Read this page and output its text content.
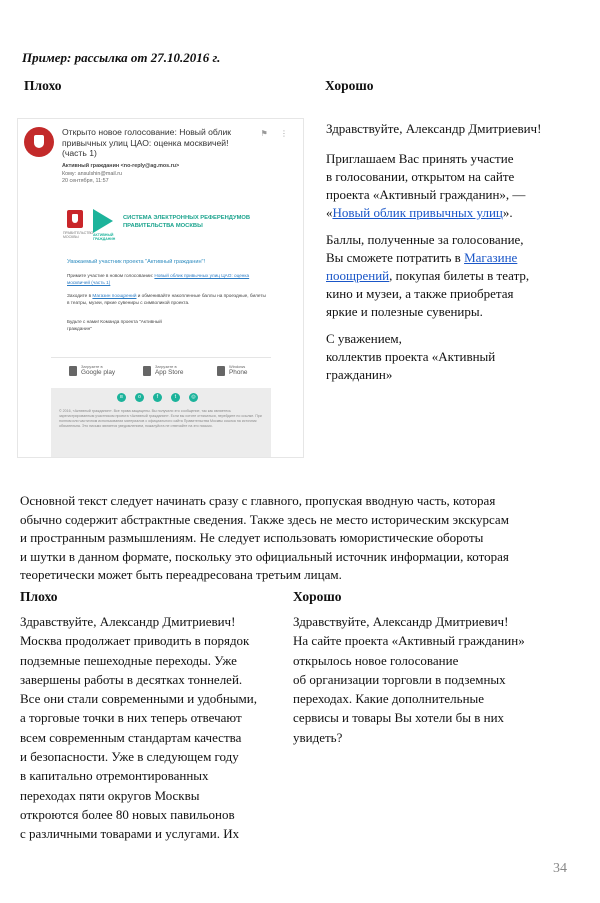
Пример: рассылка от 27.10.2016 г.
Плохо	Хорошо
Открыто новое голосование: Новый облик привычных улиц ЦАО: оценка москвичей! (часть 1)
⚑ ⋮
Активный гражданин <no-reply@ag.mos.ru>
Кому: ansulshin@mail.ru
20 сентября, 11:57
ПРАВИТЕЛЬСТВО МОСКВЫ	АКТИВНЫЙ ГРАЖДАНИН
СИСТЕМА ЭЛЕКТРОННЫХ РЕФЕРЕНДУМОВ ПРАВИТЕЛЬСТВА МОСКВЫ
Уважаемый участник проекта "Активный гражданин"!
Примите участие в новом голосовании: Новый облик привычных улиц ЦАО: оценка москвичей (часть 1)
Заходите в Магазин поощрений и обменивайте накопленные баллы на проездные, билеты в театры, музеи, яркие сувениры с символикой проекта.
Будьте с нами! Команда проекта "Активный гражданин"
Загрузите в
Google play
Загрузите в
App Store
Windows
Phone
в	о	f	t	◎
© 2016, «Активный гражданин». Все права защищены. Вы получили это сообщение, так как являетесь зарегистрированным участником проекта «Активный гражданин». Если вы хотите отписаться, перейдите по ссылке. При полном или частичном использовании материалов с официального сайта Правительства Москвы ссылка на источник обязательна. Это письмо является уведомлением, пожалуйста не отвечайте на это письмо.

Здравствуйте, Александр Дмитриевич!

Приглашаем Вас принять участие
в голосовании, открытом на сайте
проекта «Активный гражданин», —
«Новый облик привычных улиц».

Баллы, полученные за голосование,
Вы сможете потратить в Магазине
поощрений, покупая билеты в театр,
кино и музеи, а также приобретая
яркие и полезные сувениры.

С уважением,
коллектив проекта «Активный
гражданин»

Основной текст следует начинать сразу с главного, пропуская вводную часть, которая
обычно содержит абстрактные сведения. Также здесь не место историческим экскурсам
и пространным размышлениям. Не следует использовать юмористические обороты
и шутки в данном формате, поскольку это официальный источник информации, которая
теоретически может быть переадресована третьим лицам.
Плохо	Хорошо
Здравствуйте, Александр Дмитриевич!
Москва продолжает приводить в порядок
подземные пешеходные переходы. Уже
завершены работы в десятках тоннелей.
Все они стали современными и удобными,
а торговые точки в них теперь отвечают
всем современным стандартам качества
и безопасности. Уже в следующем году
в капитально отремонтированных
переходах пяти округов Москвы
откроются более 80 новых павильонов
с различными товарами и услугами. Их
Здравствуйте, Александр Дмитриевич!
На сайте проекта «Активный гражданин»
открылось новое голосование
об организации торговли в подземных
переходах. Какие дополнительные
сервисы и товары Вы хотели бы в них
увидеть?
34
